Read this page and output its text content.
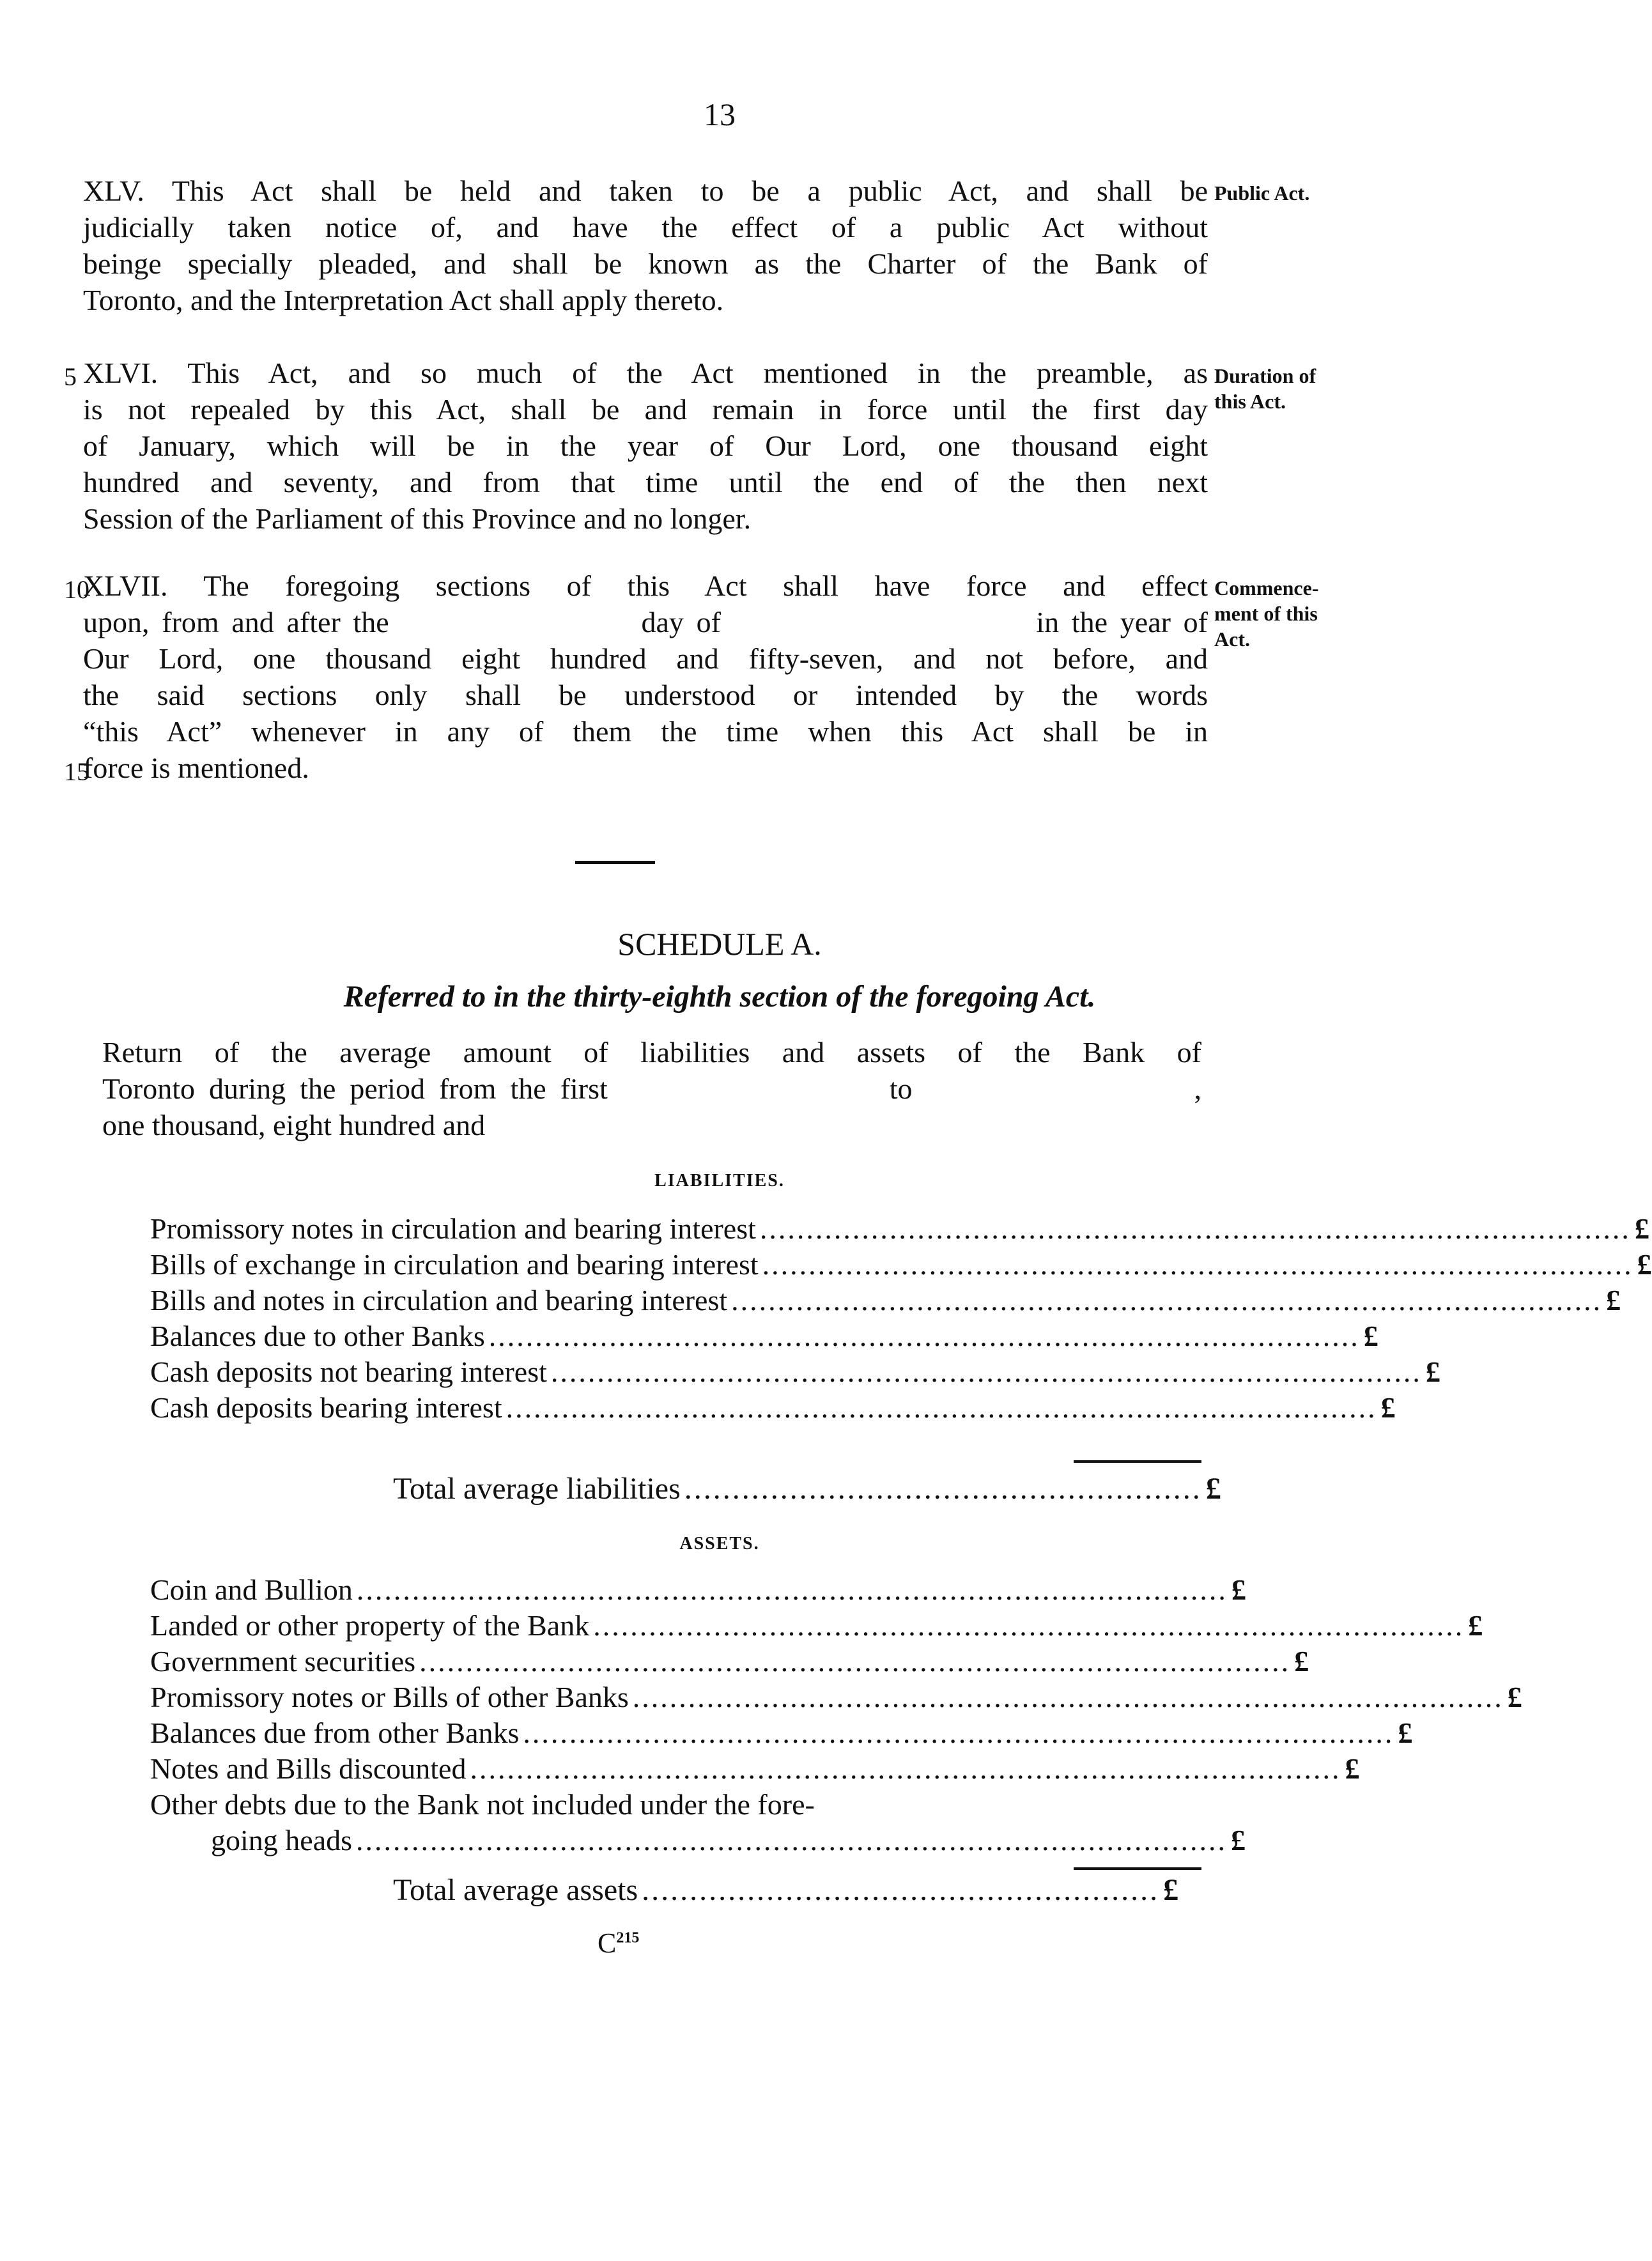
13
XLV. This Act shall be held and taken to be a public Act, and shall be
judicially taken notice of, and have the effect of a public Act without
beinge specially pleaded, and shall be known as the Charter of the Bank of
Toronto, and the Interpretation Act shall apply thereto.
Public Act.
5 XLVI. This Act, and so much of the Act mentioned in the preamble, as
is not repealed by this Act, shall be and remain in force until the first day
of January, which will be in the year of Our Lord, one thousand eight
hundred and seventy, and from that time until the end of the then next
Session of the Parliament of this Province and no longer.
Duration of
this Act.
10
XLVII. The foregoing sections of this Act shall have force and effect
upon, from and after the                    day of                         in the year of
Our Lord, one thousand eight hundred and fifty-seven, and not before, and
the said sections only shall be understood or intended by the words
“this Act” whenever in any of them the time when this Act shall be in
15
force is mentioned.
Commence-
ment of this
Act.
SCHEDULE A.
Referred to in the thirty-eighth section of the foregoing Act.
Return of the average amount of liabilities and assets of the Bank of
Toronto during the period from the first                    to                    ,
one thousand, eight hundred and
LIABILITIES.
Promissory notes in circulation and bearing interest .............................................................................................. £
Bills of exchange in circulation and bearing interest .............................................................................................. £
Bills and notes in circulation and bearing interest .............................................................................................. £
Balances due to other Banks .............................................................................................. £
Cash deposits not bearing interest .............................................................................................. £
Cash deposits bearing interest .............................................................................................. £
Total average liabilities ...................................................... £
ASSETS.
Coin and Bullion .............................................................................................. £
Landed or other property of the Bank .............................................................................................. £
Government securities .............................................................................................. £
Promissory notes or Bills of other Banks .............................................................................................. £
Balances due from other Banks .............................................................................................. £
Notes and Bills discounted .............................................................................................. £
Other debts due to the Bank not included under the fore-
going heads .............................................................................................. £
Total average assets ...................................................... £
$C^{215}$
